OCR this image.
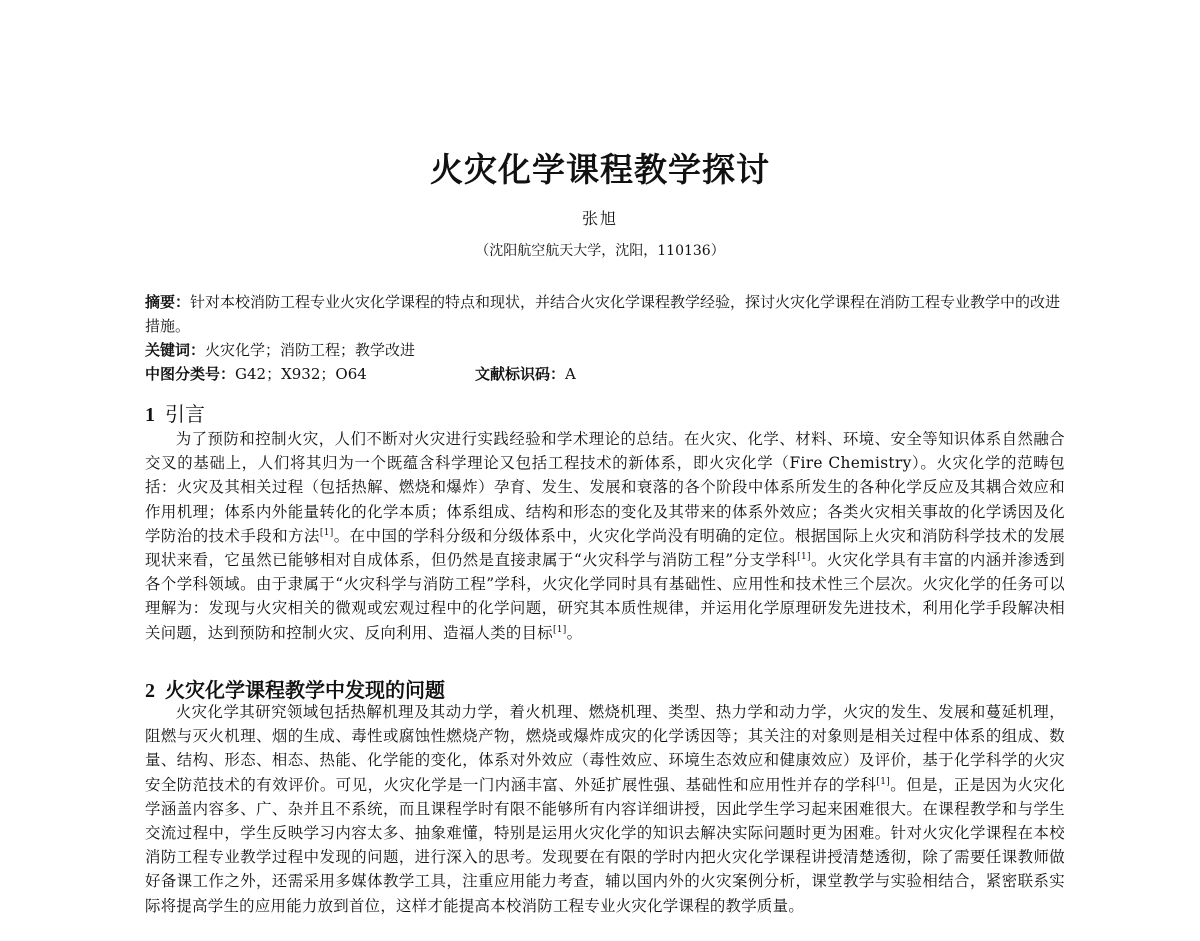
火灾化学课程教学探讨
张旭
（沈阳航空航天大学，沈阳，110136）
摘要：针对本校消防工程专业火灾化学课程的特点和现状，并结合火灾化学课程教学经验，探讨火灾化学课程在消防工程专业教学中的改进措施。
关键词：火灾化学；消防工程；教学改进
中图分类号：G42；X932；O64	文献标识码：A
1 引言
为了预防和控制火灾，人们不断对火灾进行实践经验和学术理论的总结。在火灾、化学、材料、环境、安全等知识体系自然融合交叉的基础上，人们将其归为一个既蕴含科学理论又包括工程技术的新体系，即火灾化学（Fire Chemistry）。火灾化学的范畴包括：火灾及其相关过程（包括热解、燃烧和爆炸）孕育、发生、发展和衰落的各个阶段中体系所发生的各种化学反应及其耦合效应和作用机理；体系内外能量转化的化学本质；体系组成、结构和形态的变化及其带来的体系外效应；各类火灾相关事故的化学诱因及化学防治的技术手段和方法[1]。在中国的学科分级和分级体系中，火灾化学尚没有明确的定位。根据国际上火灾和消防科学技术的发展现状来看，它虽然已能够相对自成体系，但仍然是直接隶属于“火灾科学与消防工程”分支学科[1]。火灾化学具有丰富的内涵并渗透到各个学科领域。由于隶属于“火灾科学与消防工程”学科，火灾化学同时具有基础性、应用性和技术性三个层次。火灾化学的任务可以理解为：发现与火灾相关的微观或宏观过程中的化学问题，研究其本质性规律，并运用化学原理研发先进技术，利用化学手段解决相关问题，达到预防和控制火灾、反向利用、造福人类的目标[1]。
2 火灾化学课程教学中发现的问题
火灾化学其研究领域包括热解机理及其动力学，着火机理、燃烧机理、类型、热力学和动力学，火灾的发生、发展和蔓延机理，阻燃与灭火机理、烟的生成、毒性或腐蚀性燃烧产物，燃烧或爆炸成灾的化学诱因等；其关注的对象则是相关过程中体系的组成、数量、结构、形态、相态、热能、化学能的变化，体系对外效应（毒性效应、环境生态效应和健康效应）及评价，基于化学科学的火灾安全防范技术的有效评价。可见，火灾化学是一门内涵丰富、外延扩展性强、基础性和应用性并存的学科[1]。但是，正是因为火灾化学涵盖内容多、广、杂并且不系统，而且课程学时有限不能够所有内容详细讲授，因此学生学习起来困难很大。在课程教学和与学生交流过程中，学生反映学习内容太多、抽象难懂，特别是运用火灾化学的知识去解决实际问题时更为困难。针对火灾化学课程在本校消防工程专业教学过程中发现的问题，进行深入的思考。发现要在有限的学时内把火灾化学课程讲授清楚透彻，除了需要任课教师做好备课工作之外，还需采用多媒体教学工具，注重应用能力考查，辅以国内外的火灾案例分析，课堂教学与实验相结合，紧密联系实际将提高学生的应用能力放到首位，这样才能提高本校消防工程专业火灾化学课程的教学质量。
